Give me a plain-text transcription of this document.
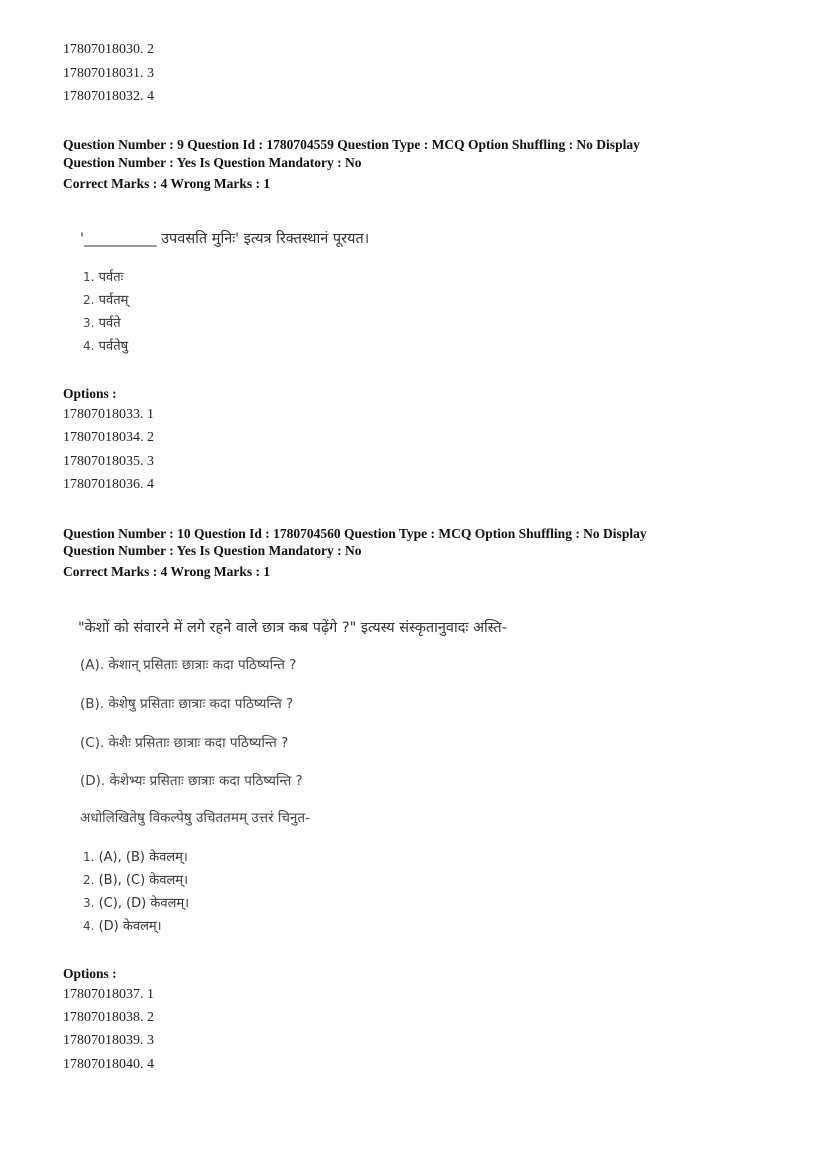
17807018030. 2
17807018031. 3
17807018032. 4
Question Number : 9 Question Id : 1780704559 Question Type : MCQ Option Shuffling : No Display
Question Number : Yes Is Question Mandatory : No
Correct Marks : 4 Wrong Marks : 1
'__________ उपवसति मुनिः' इत्यत्र रिक्तस्थानं पूरयत।
1. पर्वतः
2. पर्वतम्
3. पर्वते
4. पर्वतेषु
Options :
17807018033. 1
17807018034. 2
17807018035. 3
17807018036. 4
Question Number : 10 Question Id : 1780704560 Question Type : MCQ Option Shuffling : No Display
Question Number : Yes Is Question Mandatory : No
Correct Marks : 4 Wrong Marks : 1
"केशों को संवारने में लगे रहने वाले छात्र कब पढ़ेंगे ?" इत्यस्य संस्कृतानुवादः अस्ति-
(A). केशान् प्रसिताः छात्राः कदा पठिष्यन्ति ?
(B). केशेषु प्रसिताः छात्राः कदा पठिष्यन्ति ?
(C). केशैः प्रसिताः छात्राः कदा पठिष्यन्ति ?
(D). केशेभ्यः प्रसिताः छात्राः कदा पठिष्यन्ति ?
अधोलिखितेषु विकल्पेषु उचिततमम् उत्तरं चिनुत-
1. (A), (B) केवलम्।
2. (B), (C) केवलम्।
3. (C), (D) केवलम्।
4. (D) केवलम्।
Options :
17807018037. 1
17807018038. 2
17807018039. 3
17807018040. 4
